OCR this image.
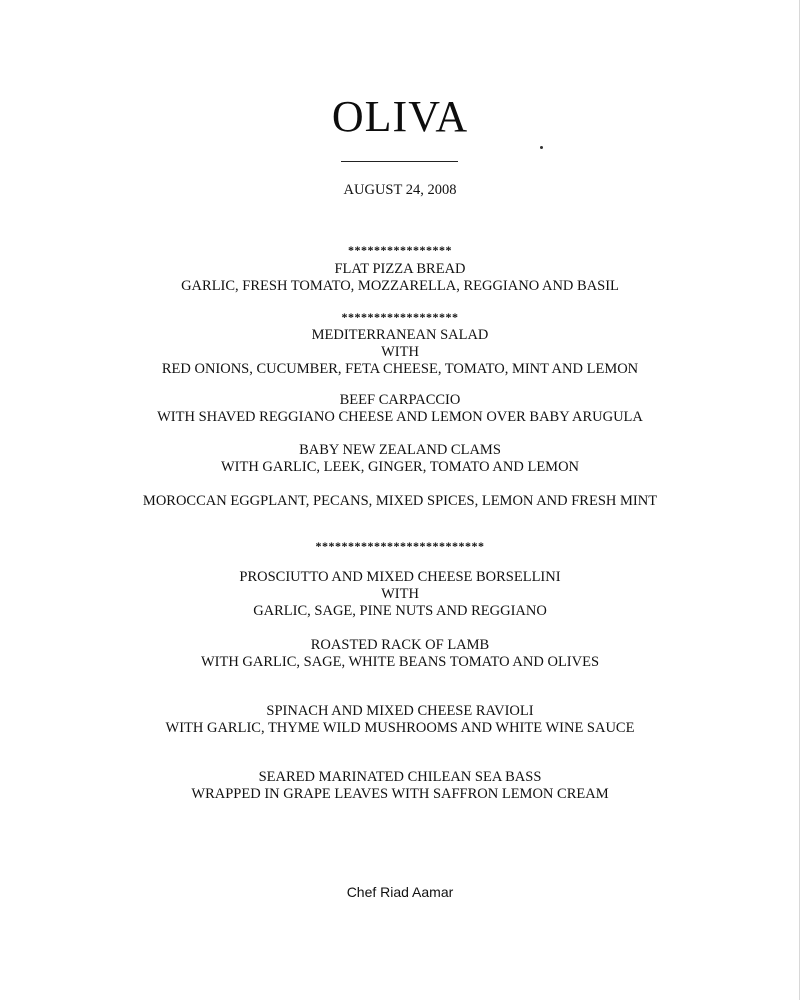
OLIVA
AUGUST 24, 2008
****************
FLAT PIZZA BREAD
GARLIC, FRESH TOMATO, MOZZARELLA, REGGIANO AND BASIL
******************
MEDITERRANEAN SALAD
WITH
RED ONIONS, CUCUMBER, FETA CHEESE, TOMATO, MINT AND LEMON
BEEF CARPACCIO
WITH SHAVED REGGIANO CHEESE AND LEMON OVER BABY ARUGULA
BABY NEW ZEALAND CLAMS
WITH GARLIC, LEEK, GINGER, TOMATO AND LEMON
MOROCCAN EGGPLANT, PECANS, MIXED SPICES, LEMON AND FRESH MINT
**************************
PROSCIUTTO AND MIXED CHEESE BORSELLINI
WITH
GARLIC, SAGE, PINE NUTS AND REGGIANO
ROASTED RACK OF LAMB
WITH GARLIC, SAGE, WHITE BEANS TOMATO AND OLIVES
SPINACH AND MIXED CHEESE RAVIOLI
WITH GARLIC, THYME WILD MUSHROOMS AND WHITE WINE SAUCE
SEARED MARINATED CHILEAN SEA BASS
WRAPPED IN GRAPE LEAVES WITH SAFFRON LEMON CREAM
Chef Riad Aamar
